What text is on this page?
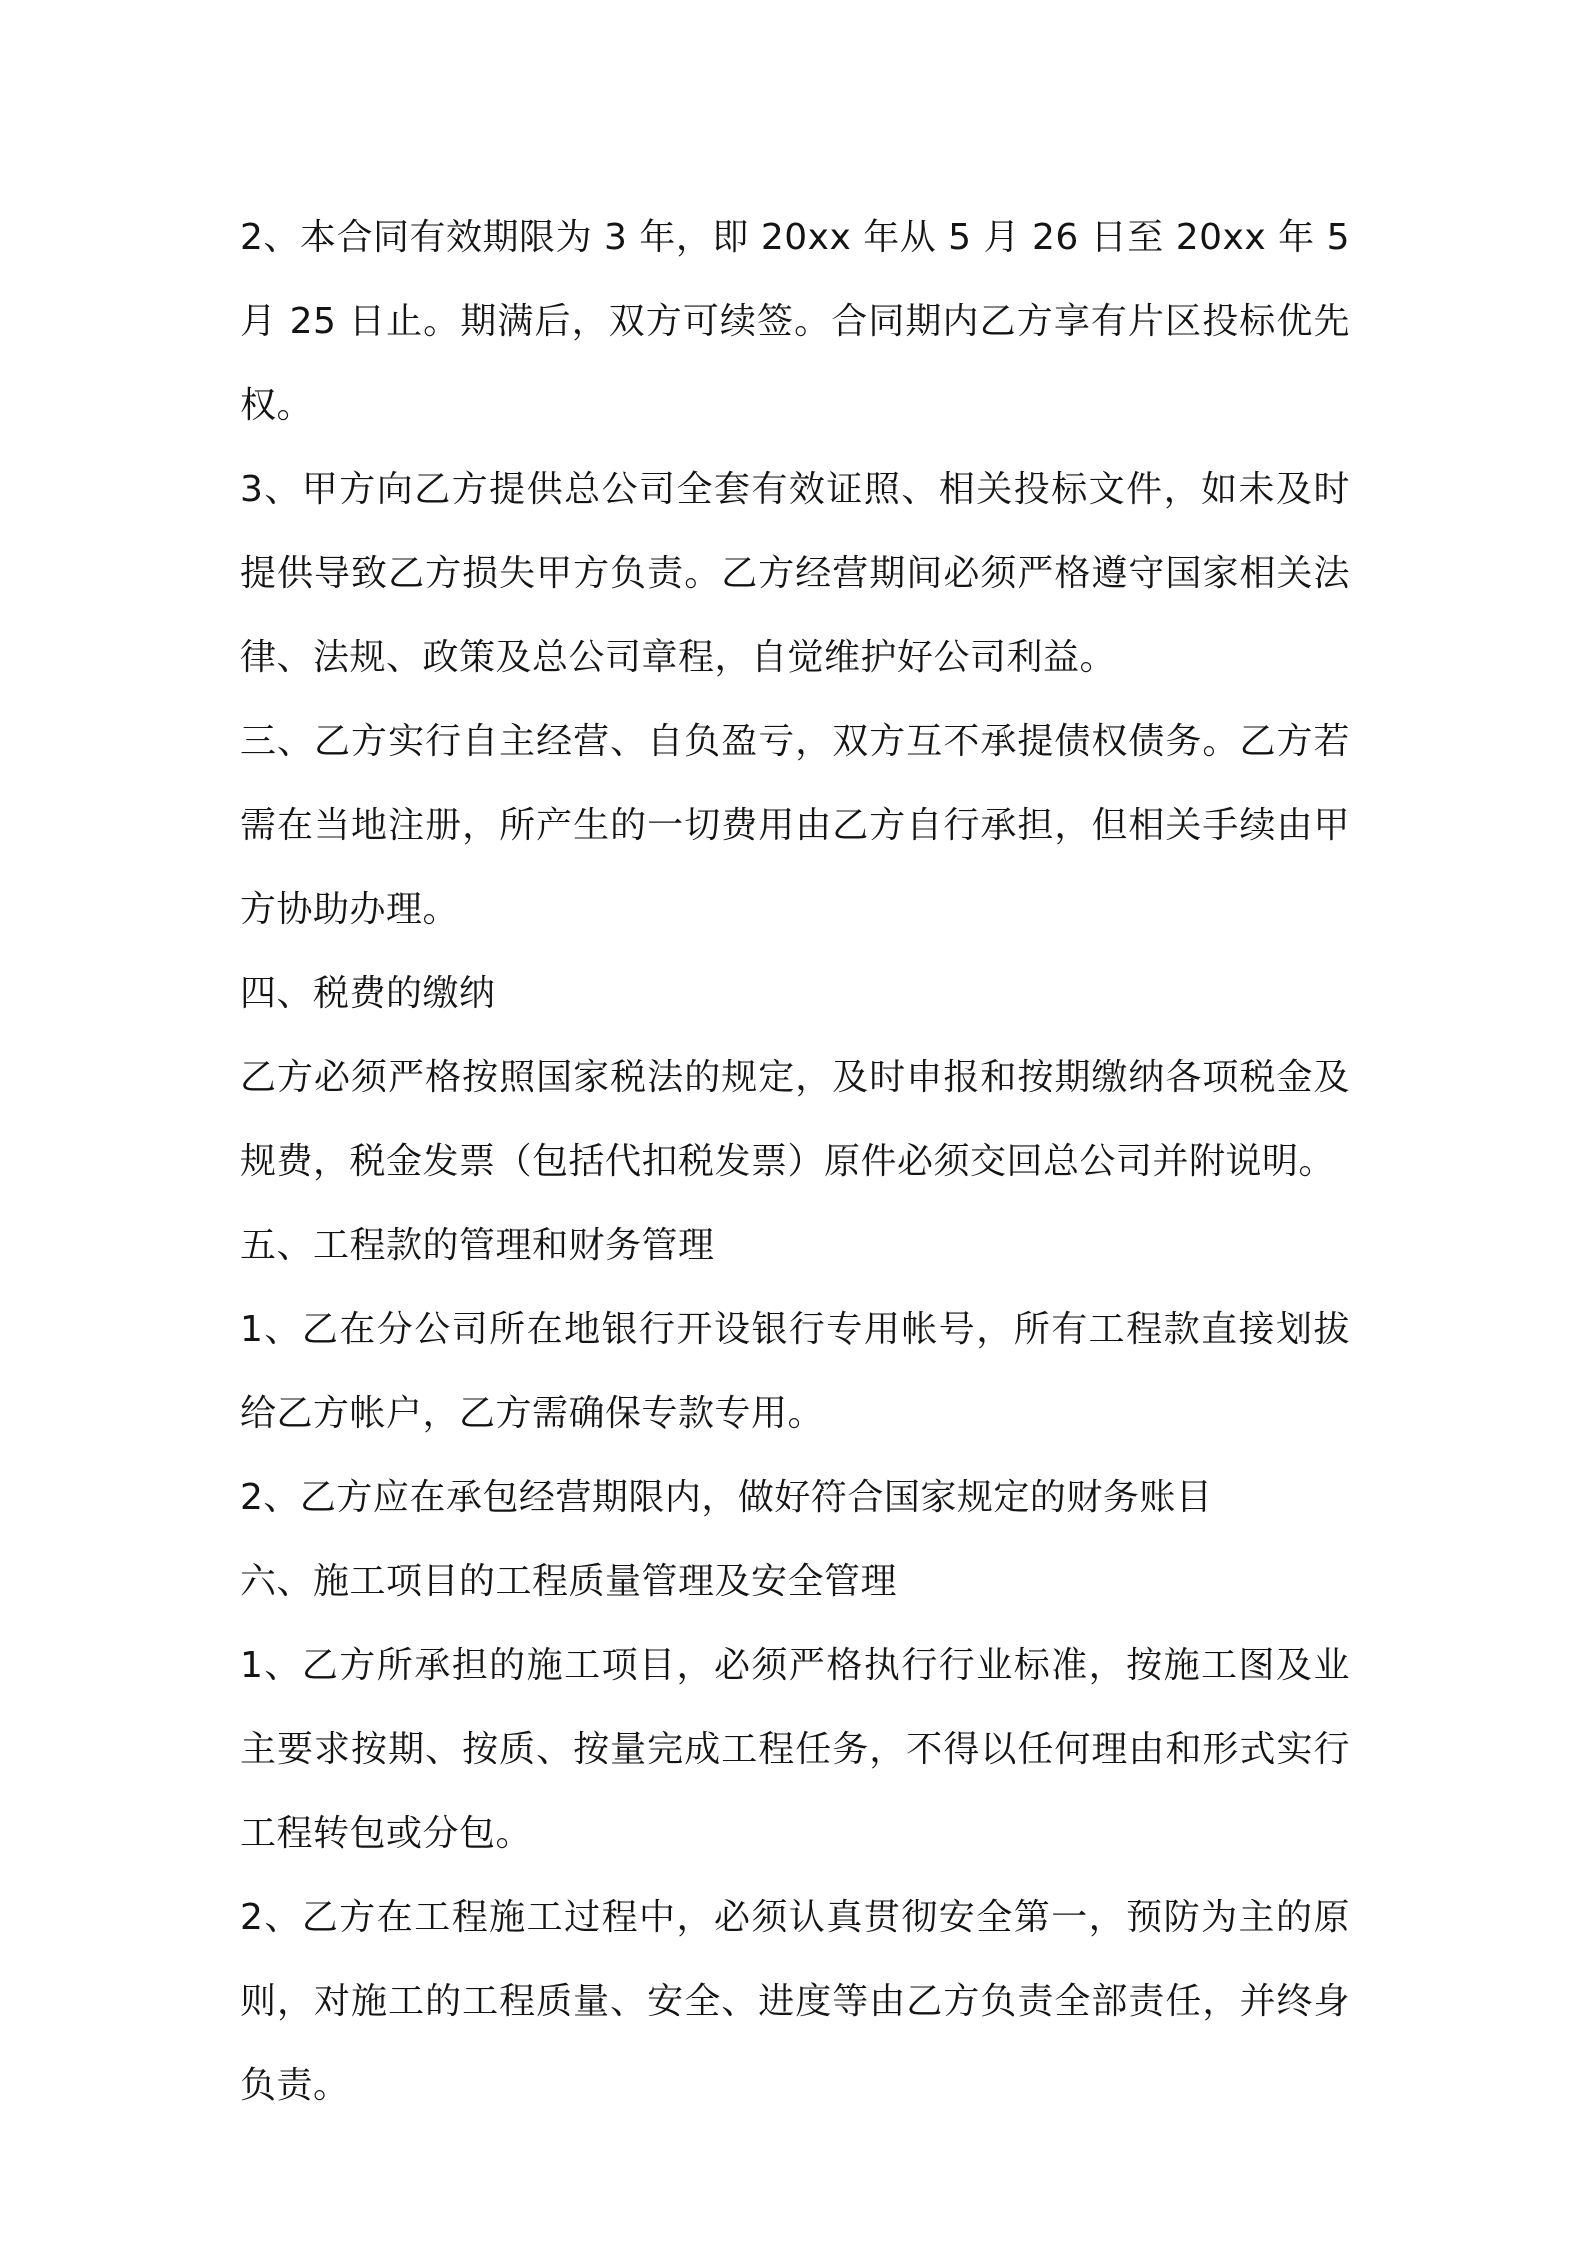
2、本合同有效期限为 3 年，即 20xx 年从 5 月 26 日至 20xx 年 5 月 25 日止。期满后，双方可续签。合同期内乙方享有片区投标优先权。

3、甲方向乙方提供总公司全套有效证照、相关投标文件，如未及时提供导致乙方损失甲方负责。乙方经营期间必须严格遵守国家相关法律、法规、政策及总公司章程，自觉维护好公司利益。

三、乙方实行自主经营、自负盈亏，双方互不承提债权债务。乙方若需在当地注册，所产生的一切费用由乙方自行承担，但相关手续由甲方协助办理。

四、税费的缴纳

乙方必须严格按照国家税法的规定，及时申报和按期缴纳各项税金及规费，税金发票（包括代扣税发票）原件必须交回总公司并附说明。

五、工程款的管理和财务管理

1、乙在分公司所在地银行开设银行专用帐号，所有工程款直接划拔给乙方帐户，乙方需确保专款专用。

2、乙方应在承包经营期限内，做好符合国家规定的财务账目

六、施工项目的工程质量管理及安全管理

1、乙方所承担的施工项目，必须严格执行行业标准，按施工图及业主要求按期、按质、按量完成工程任务，不得以任何理由和形式实行工程转包或分包。

2、乙方在工程施工过程中，必须认真贯彻安全第一，预防为主的原则，对施工的工程质量、安全、进度等由乙方负责全部责任，并终身负责。
